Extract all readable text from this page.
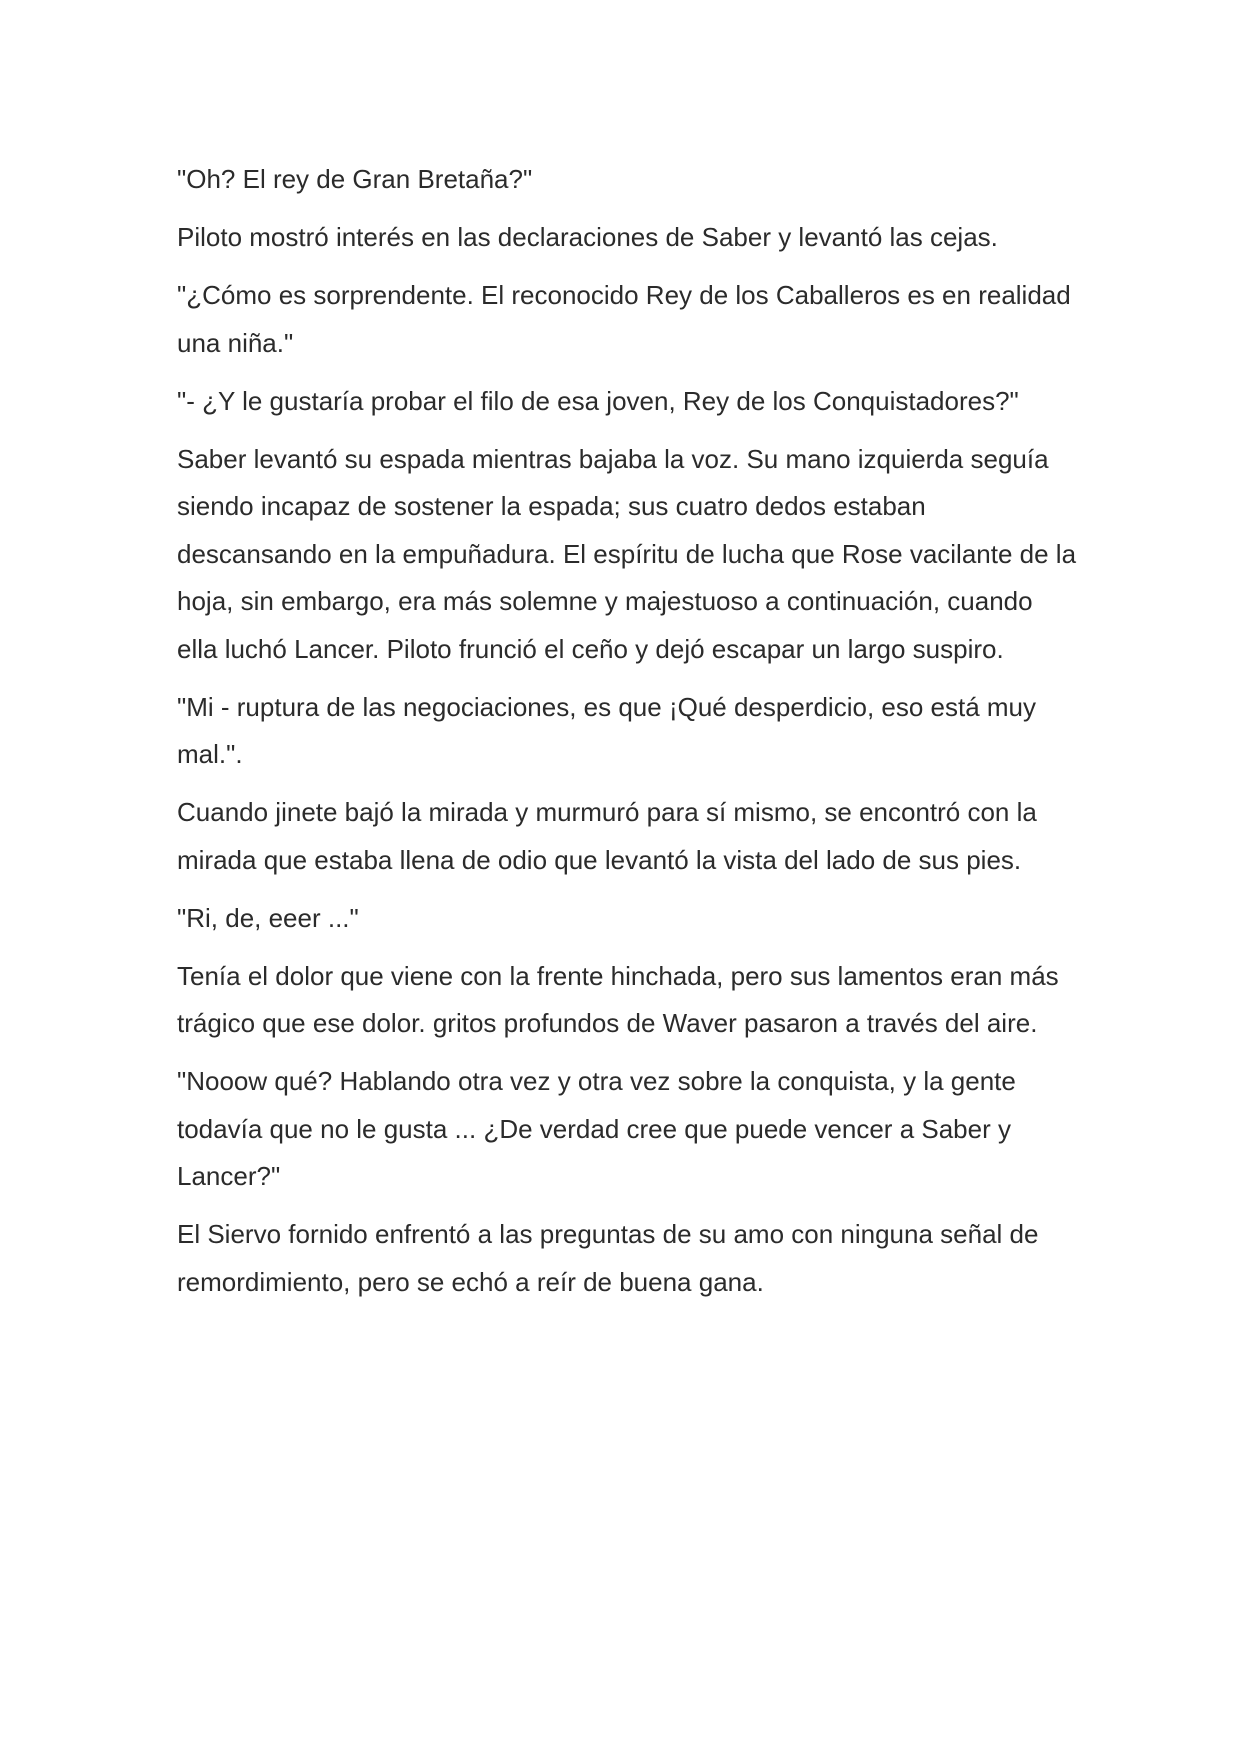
"Oh? El rey de Gran Bretaña?"

Piloto mostró interés en las declaraciones de Saber y levantó las cejas.

"¿Cómo es sorprendente. El reconocido Rey de los Caballeros es en realidad una niña."

"- ¿Y le gustaría probar el filo de esa joven, Rey de los Conquistadores?"

Saber levantó su espada mientras bajaba la voz. Su mano izquierda seguía siendo incapaz de sostener la espada; sus cuatro dedos estaban descansando en la empuñadura. El espíritu de lucha que Rose vacilante de la hoja, sin embargo, era más solemne y majestuoso a continuación, cuando ella luchó Lancer. Piloto frunció el ceño y dejó escapar un largo suspiro.

"Mi - ruptura de las negociaciones, es que ¡Qué desperdicio, eso está muy mal.".

Cuando jinete bajó la mirada y murmuró para sí mismo, se encontró con la mirada que estaba llena de odio que levantó la vista del lado de sus pies.

"Ri, de, eeer ..."

Tenía el dolor que viene con la frente hinchada, pero sus lamentos eran más trágico que ese dolor. gritos profundos de Waver pasaron a través del aire.

"Nooow qué? Hablando otra vez y otra vez sobre la conquista, y la gente todavía que no le gusta ... ¿De verdad cree que puede vencer a Saber y Lancer?"

El Siervo fornido enfrentó a las preguntas de su amo con ninguna señal de remordimiento, pero se echó a reír de buena gana.
